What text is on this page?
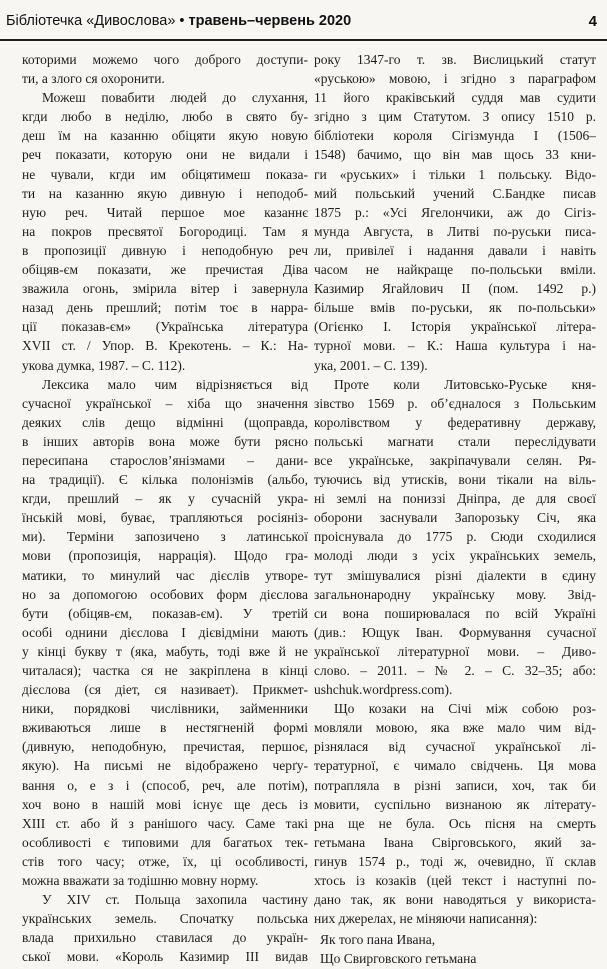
Бібліотечка «Дивослова» • травень–червень 2020	4
которими можемо чого доброго доступи-
ти, а злого ся охоронити.
Можеш повабити людей до слухання,
кгди любо в неділю, любо в свято бу-
деш їм на казанню обіцяти якую новую
реч показати, которую они не видали і
не чували, кгди им обіцятимеш показа-
ти на казанню якую дивную і неподоб-
ную реч. Читай першое мое казаннє
на покров пресвятої Богородиці. Там я
в пропозиції дивную і неподобную реч
обіцяв-єм показати, же пречистая Діва
зважила огонь, змірила вітер і завернула
назад день прешлий; потім тоє в нарра-
ції показав-єм» (Українська література
XVII ст. / Упор. В. Крекотень. – К.: На-
укова думка, 1987. – С. 112).
Лексика мало чим відрізняється від
сучасної української – хіба що значення
деяких слів дещо відмінні (щоправда,
в інших авторів вона може бути рясно
пересипана старослов’янізмами – дани-
на традиції). Є кілька полонізмів (альбо,
кгди, прешлий – як у сучасній укра-
їнській мові, буває, трапляються росіяніз-
ми). Терміни запозичено з латинської
мови (пропозиція, наррація). Щодо гра-
матики, то минулий час дієслів утворе-
но за допомогою особових форм дієслова
бути (обіцяв-єм, показав-єм). У третій
особі однини дієслова І дієвідміни мають
у кінці букву т (яка, мабуть, тоді вже й не
читалася); частка ся не закріплена в кінці
дієслова (ся діет, ся називает). Прикмет-
ники, порядкові числівники, займенники
вживаються лише в нестягненій формі
(дивную, неподобную, пречистая, першоє,
якую). На письмі не відображено черґу-
вання о, е з і (способ, реч, але потім),
хоч воно в нашій мові існує ще десь із
XIII ст. або й з ранішого часу. Саме такі
особливості є типовими для багатьох тек-
стів того часу; отже, їх, ці особливості,
можна вважати за тодішню мовну норму.
У XIV ст. Польща захопила частину
українських земель. Спочатку польська
влада прихильно ставилася до україн-
ської мови. «Король Казимир III видав
року 1347-го т. зв. Вислицький статут
«руською» мовою, і згідно з параграфом
11 його краківський суддя мав судити
згідно з цим Статутом. З опису 1510 р.
бібліотеки короля Сігізмунда І (1506–
1548) бачимо, що він мав щось 33 кни-
ги «руських» і тільки 1 польську. Відо-
мий польський учений С.Бандке писав
1875 р.: «Усі Ягелончики, аж до Сігіз-
мунда Августа, в Литві по-руськи писа-
ли, привілеї і надання давали і навіть
часом не найкраще по-польськи вміли.
Казимир Ягайлович II (пом. 1492 р.)
більше вмів по-руськи, як по-польськи»
(Огієнко І. Історія української літера-
турної мови. – К.: Наша культура і на-
ука, 2001. – С. 139).
Проте коли Литовсько-Руське кня-
зівство 1569 р. об’єдналося з Польським
королівством у федеративну державу,
польські магнати стали переслідувати
все українське, закріпачували селян. Ря-
туючись від утисків, вони тікали на віль-
ні землі на пониззі Дніпра, де для своєї
оборони заснували Запорозьку Січ, яка
проіснувала до 1775 р. Сюди сходилися
молоді люди з усіх українських земель,
тут змішувалися різні діалекти в єдину
загальнонародну українську мову. Звід-
си вона поширювалася по всій Україні
(див.: Ющук Іван. Формування сучасної
української літературної мови. – Диво-
слово. – 2011. – № 2. – С. 32–35; або:
ushchuk.wordpress.com).
Що козаки на Січі між собою роз-
мовляли мовою, яка вже мало чим від-
різнялася від сучасної української лі-
тературної, є чимало свідчень. Ця мова
потрапляла в різні записи, хоч, так би
мовити, суспільно визнаною як літерату-
рна ще не була. Ось пісня на смерть
гетьмана Івана Свірговського, який за-
гинув 1574 р., тоді ж, очевидно, її склав
хтось із козаків (цей текст і наступні по-
дано так, як вони наводяться у використа-
них джерелах, не міняючи написання):
Як того пана Ивана,
Що Свирговского гетьмана
